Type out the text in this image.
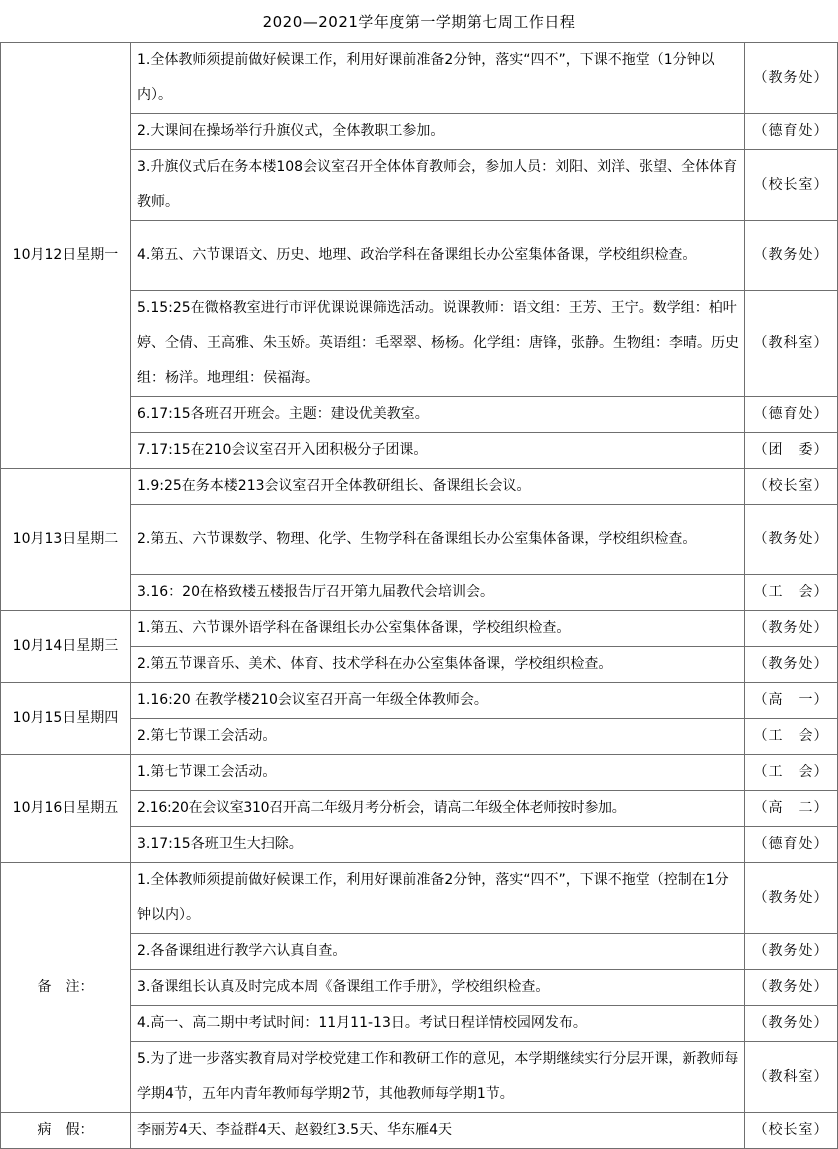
2020—2021学年度第一学期第七周工作日程
10月12日星期一	1.全体教师须提前做好候课工作，利用好课前准备2分钟，落实“四不”，下课不拖堂（1分钟以内）。	（教务处）
	2.大课间在操场举行升旗仪式，全体教职工参加。	（德育处）
	3.升旗仪式后在务本楼108会议室召开全体体育教师会，参加人员：刘阳、刘洋、张望、全体体育教师。	（校长室）
	4.第五、六节课语文、历史、地理、政治学科在备课组长办公室集体备课，学校组织检查。	（教务处）
	5.15:25在微格教室进行市评优课说课筛选活动。说课教师：语文组：王芳、王宁。数学组：柏叶婷、仝倩、王高雅、朱玉娇。英语组：毛翠翠、杨杨。化学组：唐锋，张静。生物组：李晴。历史组：杨洋。地理组：侯福海。	（教科室）
	6.17:15各班召开班会。主题：建设优美教室。	（德育处）
	7.17:15在210会议室召开入团积极分子团课。	（团　委）
10月13日星期二	1.9:25在务本楼213会议室召开全体教研组长、备课组长会议。	（校长室）
	2.第五、六节课数学、物理、化学、生物学科在备课组长办公室集体备课，学校组织检查。	（教务处）
	3.16：20在格致楼五楼报告厅召开第九届教代会培训会。	（工　会）
10月14日星期三	1.第五、六节课外语学科在备课组长办公室集体备课，学校组织检查。	（教务处）
	2.第五节课音乐、美术、体育、技术学科在办公室集体备课，学校组织检查。	（教务处）
10月15日星期四	1.16:20 在教学楼210会议室召开高一年级全体教师会。	（高　一）
	2.第七节课工会活动。	（工　会）
10月16日星期五	1.第七节课工会活动。	（工　会）
	2.16:20在会议室310召开高二年级月考分析会，请高二年级全体老师按时参加。	（高　二）
	3.17:15各班卫生大扫除。	（德育处）
备　注：	1.全体教师须提前做好候课工作，利用好课前准备2分钟，落实“四不”，下课不拖堂（控制在1分钟以内）。	（教务处）
	2.各备课组进行教学六认真自查。	（教务处）
	3.备课组长认真及时完成本周《备课组工作手册》，学校组织检查。	（教务处）
	4.高一、高二期中考试时间：11月11-13日。考试日程详情校园网发布。	（教务处）
	5.为了进一步落实教育局对学校党建工作和教研工作的意见，本学期继续实行分层开课，新教师每学期4节，五年内青年教师每学期2节，其他教师每学期1节。	（教科室）
病　假：	李丽芳4天、李益群4天、赵毅红3.5天、华东雁4天	（校长室）
